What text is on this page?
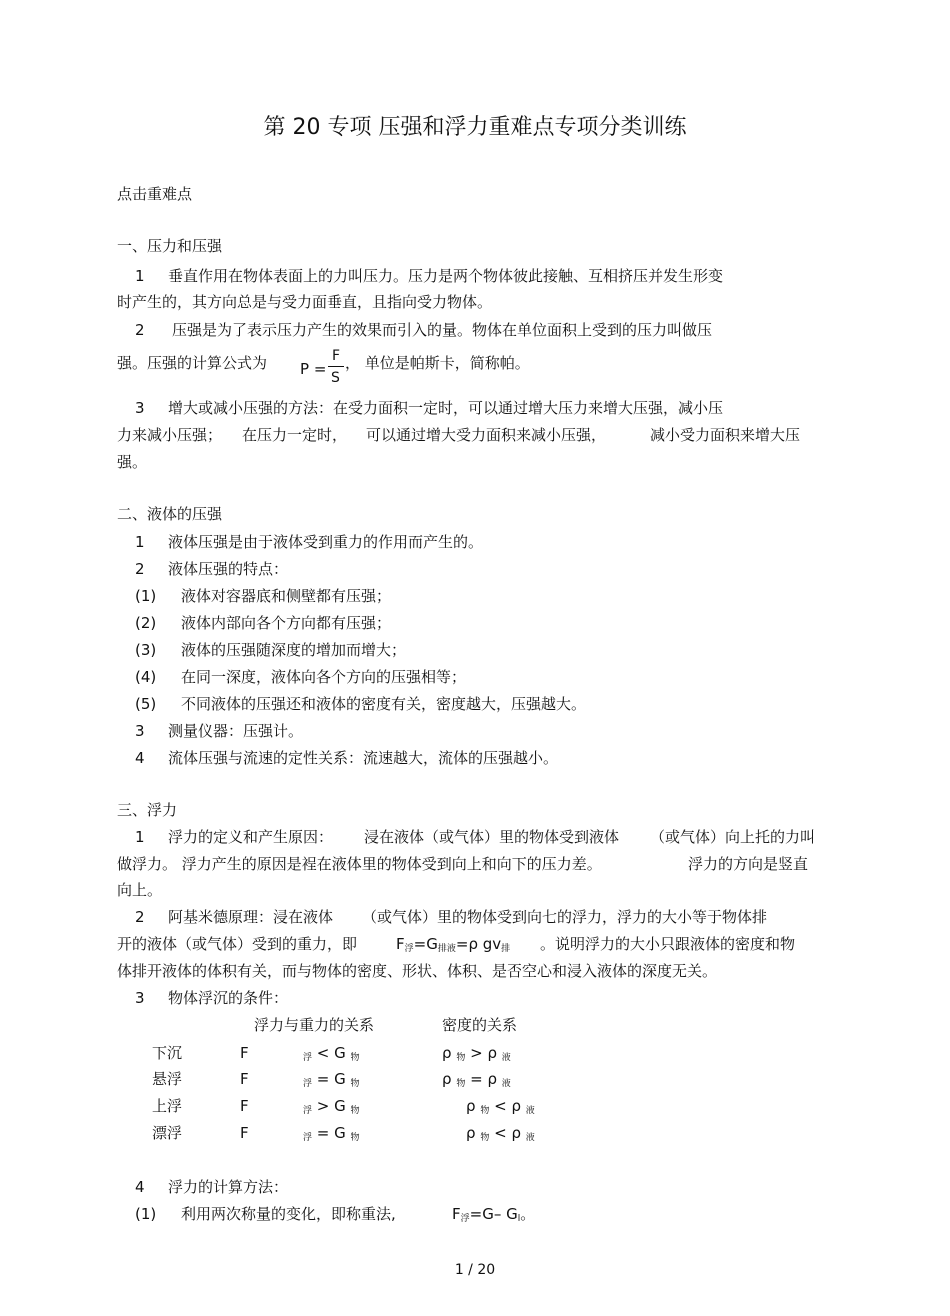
第 20 专项 压强和浮力重难点专项分类训练
点击重难点
一、压力和压强
1 垂直作用在物体表面上的力叫压力。压力是两个物体彼此接触、互相挤压并发生形变
时产生的，其方向总是与受力面垂直，且指向受力物体。
2 压强是为了表示压力产生的效果而引入的量。物体在单位面积上受到的压力叫做压
强。压强的计算公式为 P =
F
S
， 单位是帕斯卡，简称帕。
3 增大或减小压强的方法：在受力面积一定时，可以通过增大压力来增大压强，减小压
力来减小压强； 在压力一定时， 可以通过增大受力面积来减小压强，	减小受力面积来增大压
强。
二、液体的压强
1 液体压强是由于液体受到重力的作用而产生的。
2 液体压强的特点：
(1) 液体对容器底和侧壁都有压强；
(2) 液体内部向各个方向都有压强；
(3) 液体的压强随深度的增加而增大；
(4) 在同一深度，液体向各个方向的压强相等；
(5) 不同液体的压强还和液体的密度有关，密度越大，压强越大。
3 测量仪器：压强计。
4 流体压强与流速的定性关系：流速越大，流体的压强越小。
三、浮力
1 浮力的定义和产生原因： 浸在液体（或气体）里的物体受到液体 （或气体）向上托的力叫
做浮力。 浮力产生的原因是裎在液体里的物体受到向上和向下的压力差。	浮力的方向是竖直
向上。
2 阿基米德原理：浸在液体 （或气体）里的物体受到向七的浮力，浮力的大小等于物体排
开的液体（或气体）受到的重力，即	$F_浮=G_{排液}=\rho$ $gv_排$ 。说明浮力的大小只跟液体的密度和物
体排开液体的体积有关，而与物体的密度、形状、体积、是否空心和浸入液体的深度无关。
3 物体浮沉的条件：
浮力与重力的关系	密度的关系
下沉	F	$_浮$ < G $_物$	ρ $_物$ > ρ $_液$
悬浮	F	$_浮$ = G $_物$	ρ $_物$ = ρ $_液$
上浮	F	$_浮$ > G $_物$	ρ $_物$ < ρ $_液$
漂浮	F	$_浮$ = G $_物$	ρ $_物$ < ρ $_液$
4 浮力的计算方法：
(1) 利用两次称量的变化，即称重法,	$F_浮=G-$ $G_l$。
1 / 20
